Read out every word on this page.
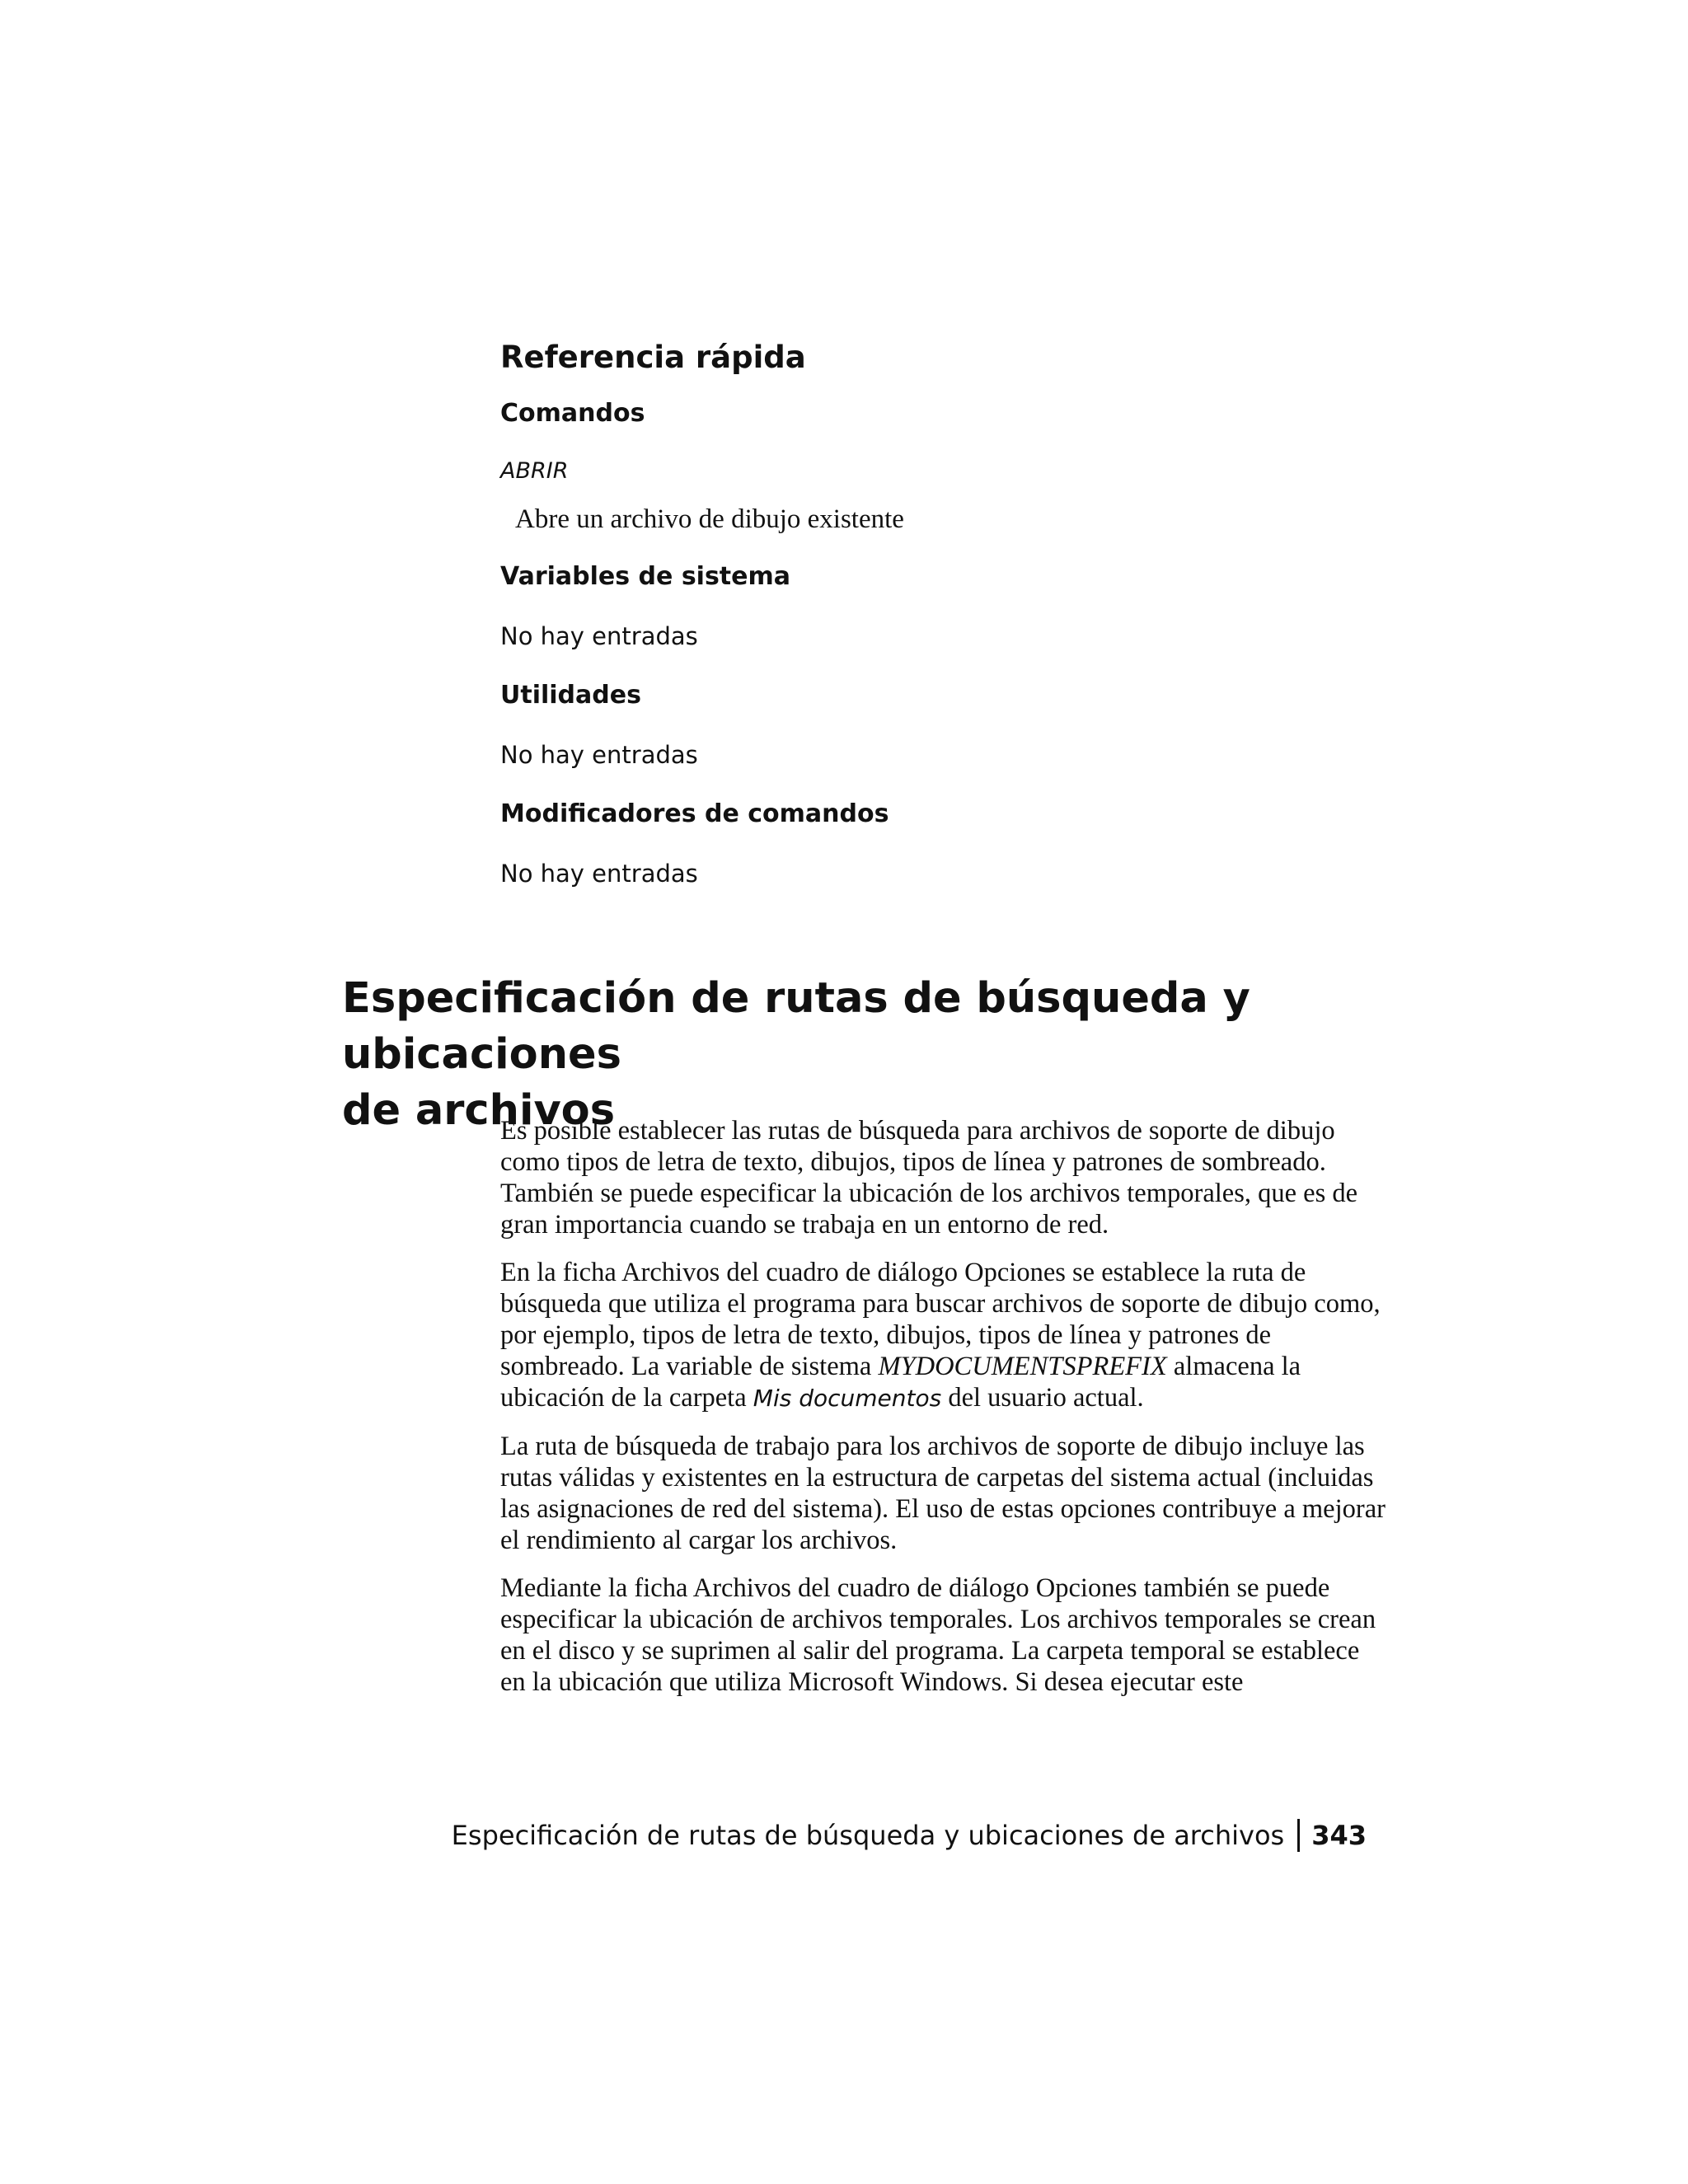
Referencia rápida
Comandos
ABRIR
Abre un archivo de dibujo existente
Variables de sistema
No hay entradas
Utilidades
No hay entradas
Modificadores de comandos
No hay entradas
Especificación de rutas de búsqueda y ubicaciones
de archivos

Es posible establecer las rutas de búsqueda para archivos de soporte de dibujo como tipos de letra de texto, dibujos, tipos de línea y patrones de sombreado. También se puede especificar la ubicación de los archivos temporales, que es de gran importancia cuando se trabaja en un entorno de red.

En la ficha Archivos del cuadro de diálogo Opciones se establece la ruta de búsqueda que utiliza el programa para buscar archivos de soporte de dibujo como, por ejemplo, tipos de letra de texto, dibujos, tipos de línea y patrones de sombreado. La variable de sistema MYDOCUMENTSPREFIX almacena la ubicación de la carpeta Mis documentos del usuario actual.

La ruta de búsqueda de trabajo para los archivos de soporte de dibujo incluye las rutas válidas y existentes en la estructura de carpetas del sistema actual (incluidas las asignaciones de red del sistema). El uso de estas opciones contribuye a mejorar el rendimiento al cargar los archivos.

Mediante la ficha Archivos del cuadro de diálogo Opciones también se puede especificar la ubicación de archivos temporales. Los archivos temporales se crean en el disco y se suprimen al salir del programa. La carpeta temporal se establece en la ubicación que utiliza Microsoft Windows. Si desea ejecutar este

Especificación de rutas de búsqueda y ubicaciones de archivos 343
